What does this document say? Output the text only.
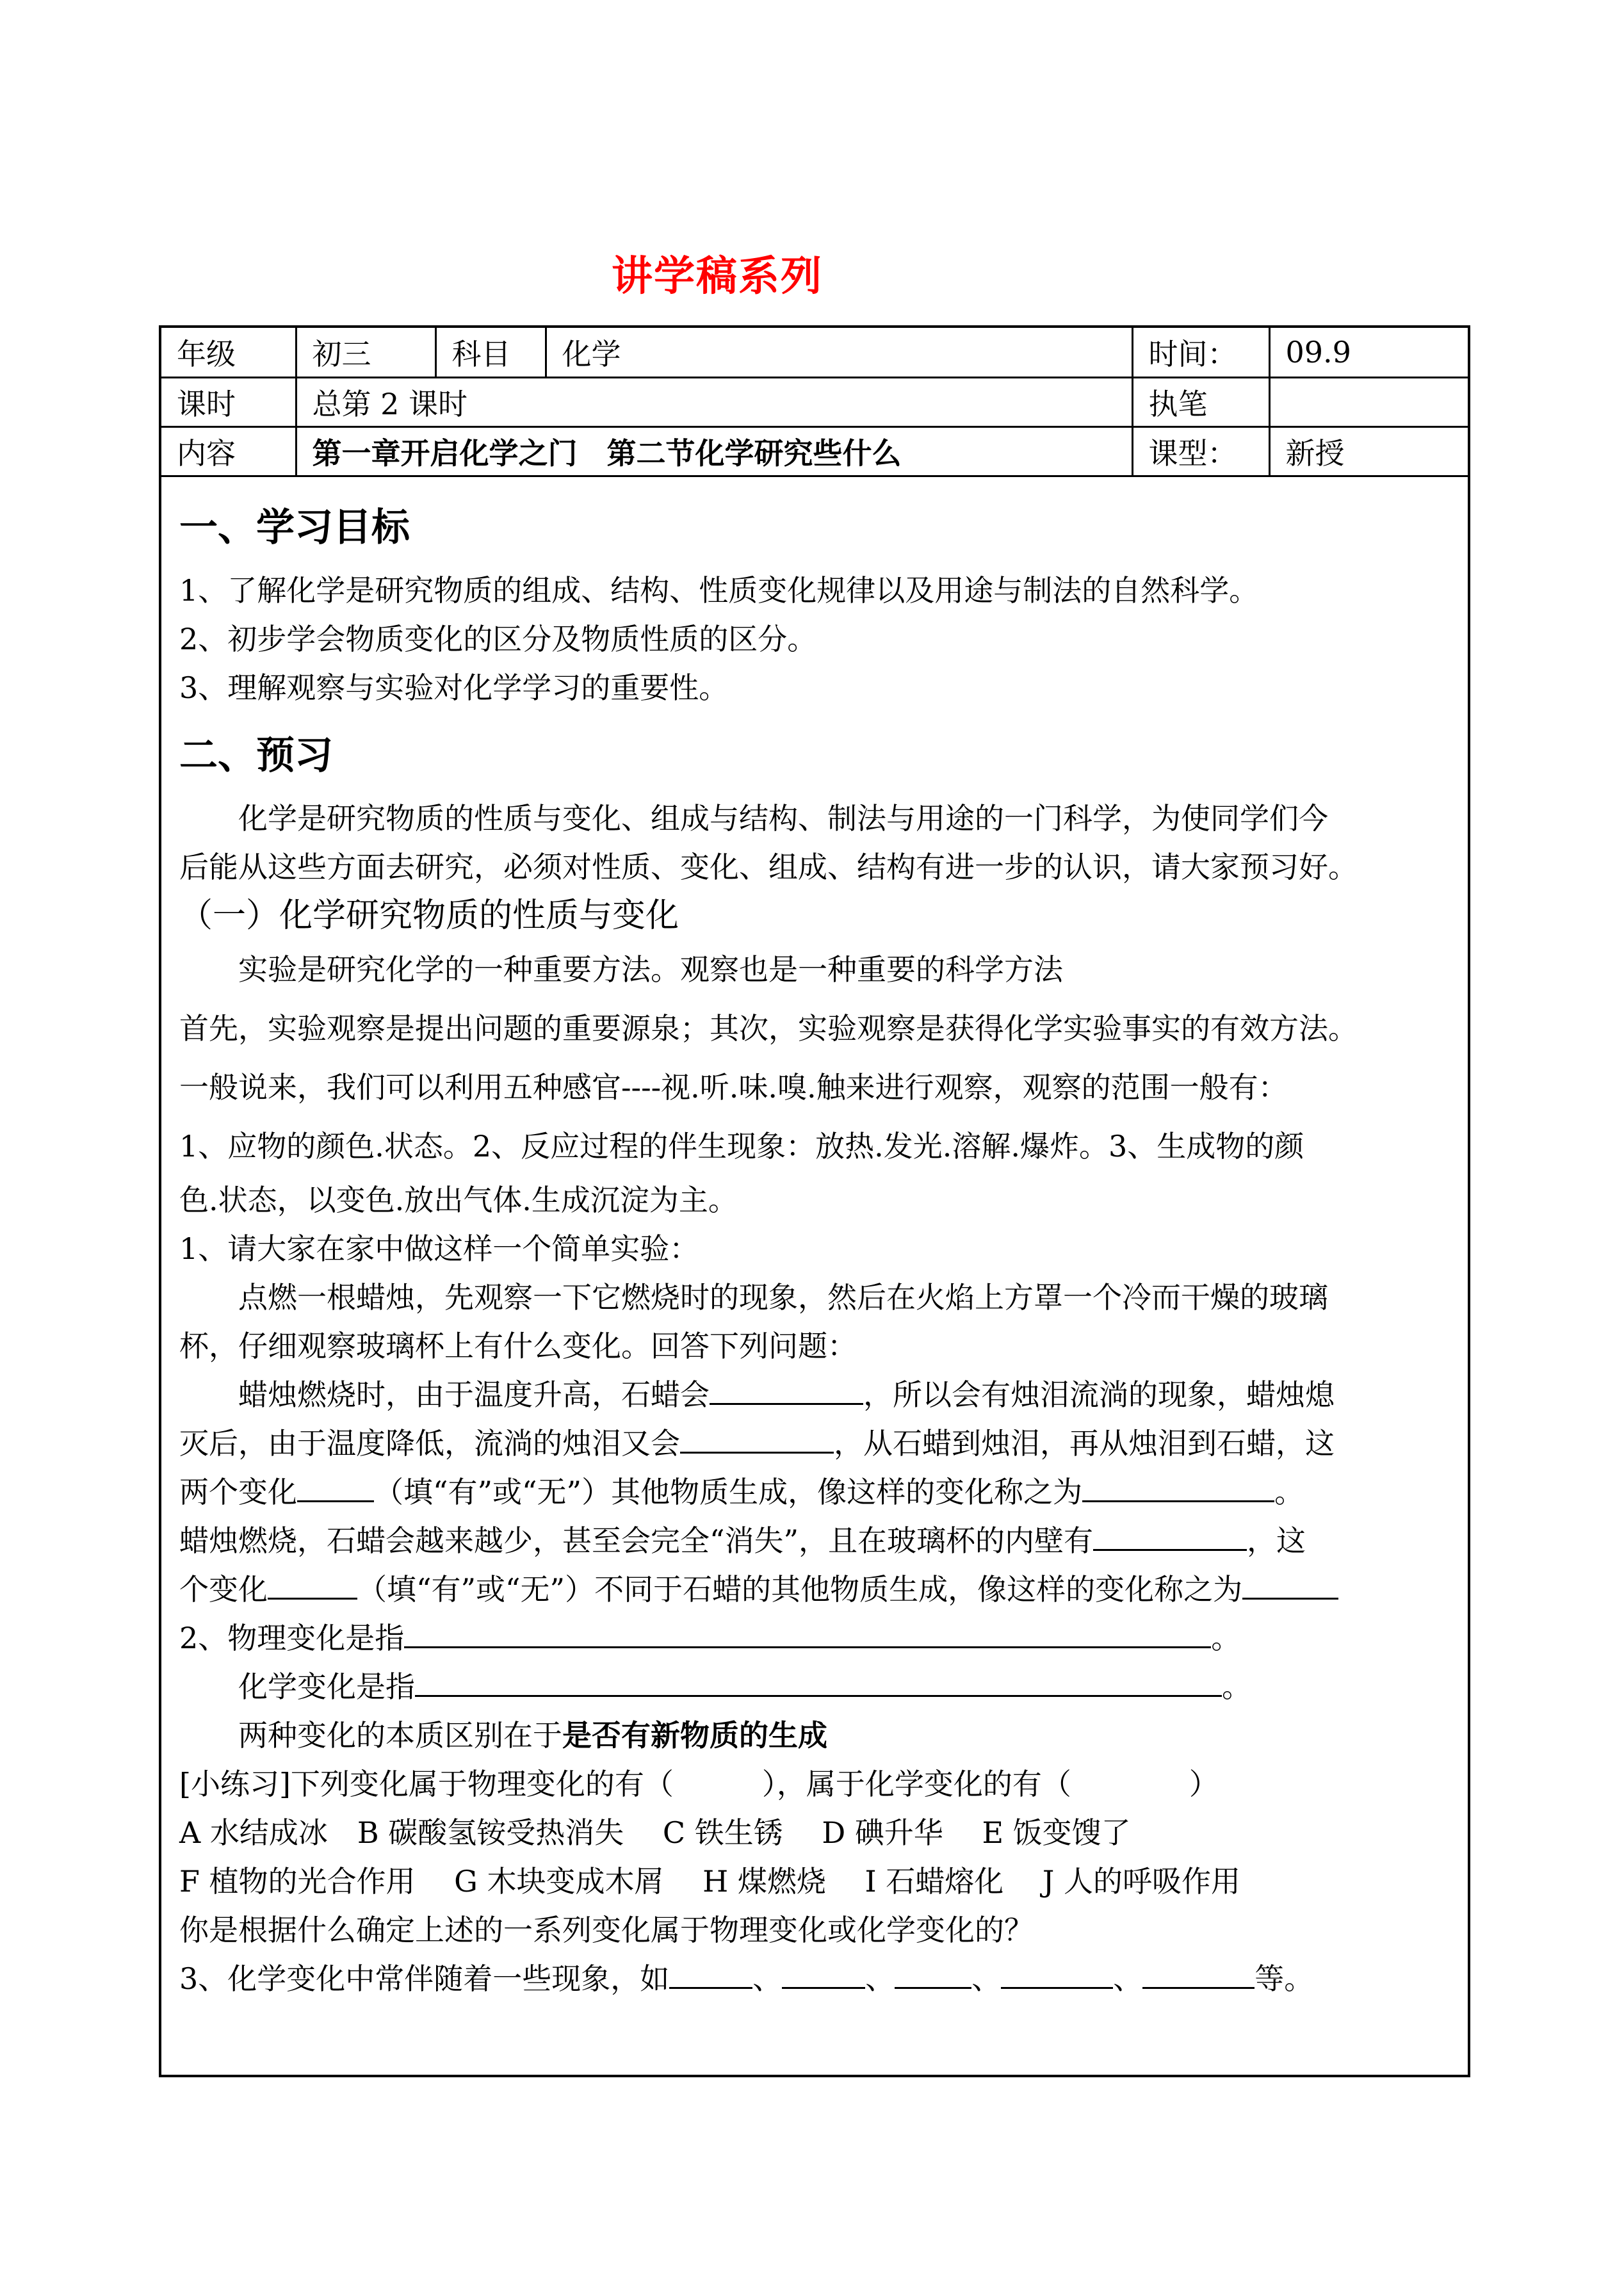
讲学稿系列
年级	初三	科目	化学	时间：	09.9
课时	总第 2 课时			执笔	
内容	第一章开启化学之门　第二节化学研究些什么			课型：	新授
一、学习目标
1、了解化学是研究物质的组成、结构、性质变化规律以及用途与制法的自然科学。
2、初步学会物质变化的区分及物质性质的区分。
3、理解观察与实验对化学学习的重要性。
二、预习
化学是研究物质的性质与变化、组成与结构、制法与用途的一门科学，为使同学们今
后能从这些方面去研究，必须对性质、变化、组成、结构有进一步的认识，请大家预习好。
（一）化学研究物质的性质与变化
实验是研究化学的一种重要方法。观察也是一种重要的科学方法
首先，实验观察是提出问题的重要源泉；其次，实验观察是获得化学实验事实的有效方法。
一般说来，我们可以利用五种感官----视.听.味.嗅.触来进行观察，观察的范围一般有：
1、应物的颜色.状态。2、反应过程的伴生现象：放热.发光.溶解.爆炸。3、生成物的颜
色.状态，以变色.放出气体.生成沉淀为主。
1、请大家在家中做这样一个简单实验：
点燃一根蜡烛，先观察一下它燃烧时的现象，然后在火焰上方罩一个冷而干燥的玻璃
杯，仔细观察玻璃杯上有什么变化。回答下列问题：
蜡烛燃烧时，由于温度升高，石蜡会	，所以会有烛泪流淌的现象，蜡烛熄
灭后，由于温度降低，流淌的烛泪又会	，从石蜡到烛泪，再从烛泪到石蜡，这
两个变化	（填“有”或“无”）其他物质生成，像这样的变化称之为	。
蜡烛燃烧，石蜡会越来越少，甚至会完全“消失”，且在玻璃杯的内壁有	，这
个变化	（填“有”或“无”）不同于石蜡的其他物质生成，像这样的变化称之为
2、物理变化是指	。
化学变化是指	。
两种变化的本质区别在于是否有新物质的生成
[小练习]下列变化属于物理变化的有（　　　），属于化学变化的有（　　　　）
A 水结成冰　B 碳酸氢铵受热消失　 C 铁生锈　 D 碘升华　 E 饭变馊了
F 植物的光合作用　 G 木块变成木屑　 H 煤燃烧　 I 石蜡熔化　 J 人的呼吸作用
你是根据什么确定上述的一系列变化属于物理变化或化学变化的？
3、化学变化中常伴随着一些现象，如	、	、	、	、	等。
